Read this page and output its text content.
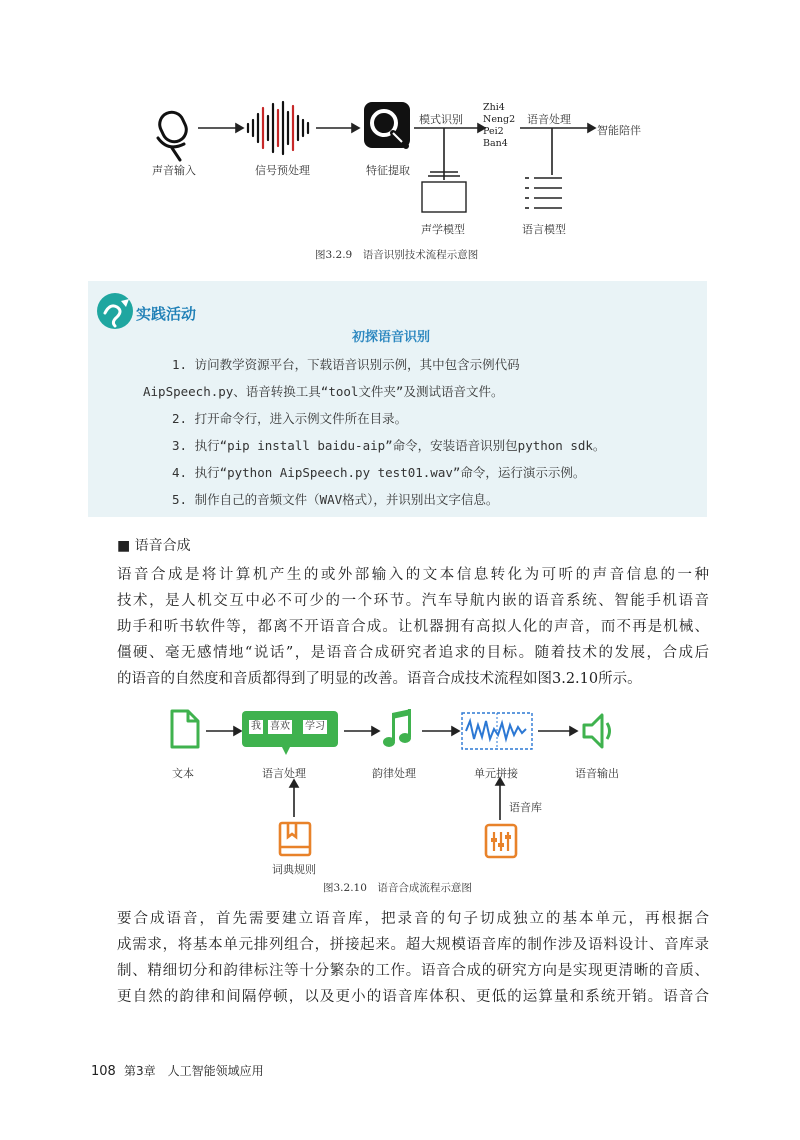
声音输入	信号预处理	特征提取
模式识别
Zhi4
Neng2
Pei2
Ban4
语音处理
智能陪伴
声学模型	语言模型
图3.2.9　语音识别技术流程示意图
实践活动
初探语音识别
1. 访问教学资源平台，下载语音识别示例，其中包含示例代码
AipSpeech.py、语音转换工具“tool文件夹”及测试语音文件。
2. 打开命令行，进入示例文件所在目录。
3. 执行“pip install baidu-aip”命令，安装语音识别包python sdk。
4. 执行“python AipSpeech.py test01.wav”命令，运行演示示例。
5. 制作自己的音频文件（WAV格式），并识别出文字信息。
■ 语音合成
语音合成是将计算机产生的或外部输入的文本信息转化为可听的声音信息的一种
技术，是人机交互中必不可少的一个环节。汽车导航内嵌的语音系统、智能手机语音
助手和听书软件等，都离不开语音合成。让机器拥有高拟人化的声音，而不再是机械、
僵硬、毫无感情地“说话”，是语音合成研究者追求的目标。随着技术的发展，合成后
的语音的自然度和音质都得到了明显的改善。语音合成技术流程如图3.2.10所示。
我 喜欢	学习
文本	语言处理	韵律处理	单元拼接	语音输出
语音库
词典规则
图3.2.10　语音合成流程示意图
要合成语音，首先需要建立语音库，把录音的句子切成独立的基本单元，再根据合
成需求，将基本单元排列组合，拼接起来。超大规模语音库的制作涉及语料设计、音库录
制、精细切分和韵律标注等十分繁杂的工作。语音合成的研究方向是实现更清晰的音质、
更自然的韵律和间隔停顿，以及更小的语音库体积、更低的运算量和系统开销。语音合
108 第3章　人工智能领域应用
